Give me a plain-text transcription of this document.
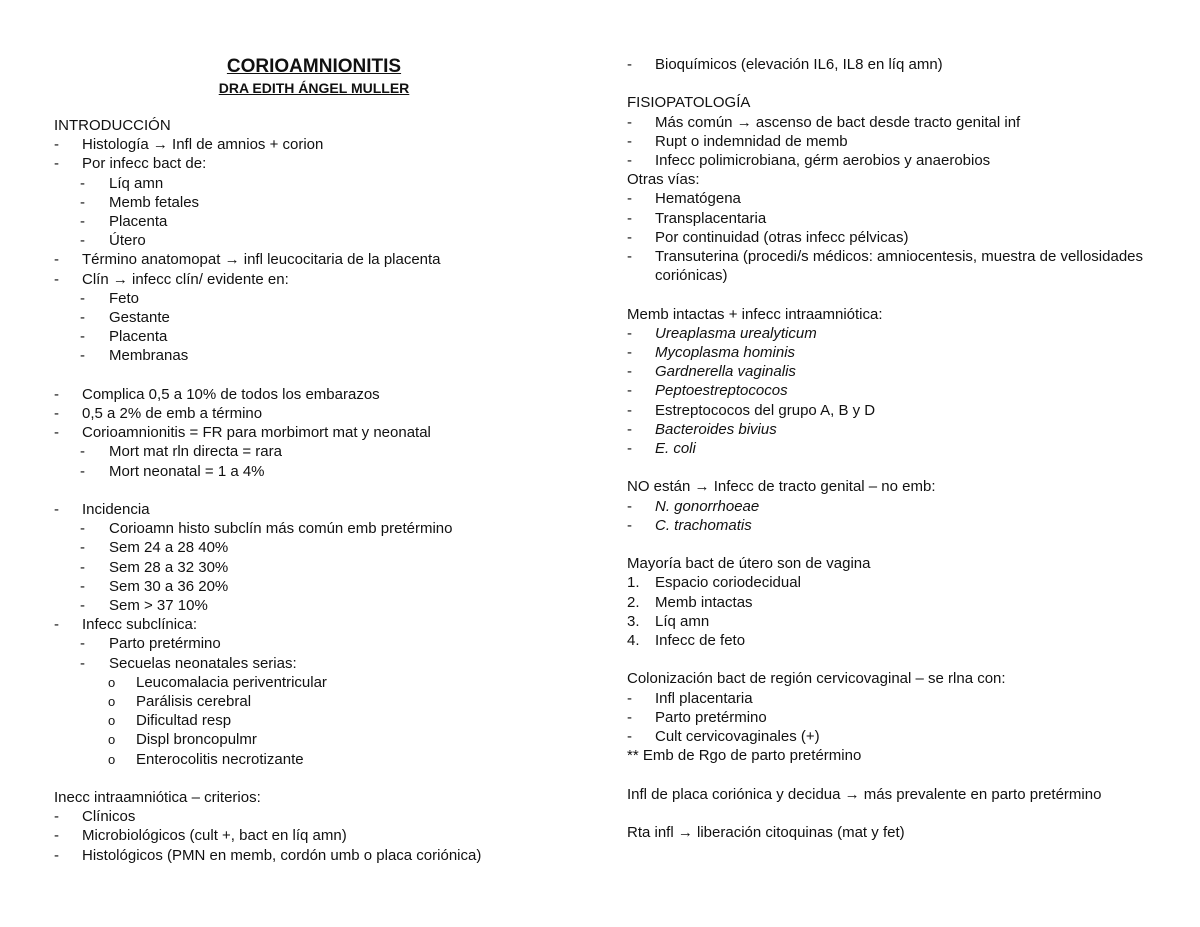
CORIOAMNIONITIS
DRA EDITH ÁNGEL MULLER
INTRODUCCIÓN
-	Histología → Infl de amnios + corion
-	Por infecc bact de:
-	Líq amn
-	Memb fetales
-	Placenta
-	Útero
-	Término anatomopat → infl leucocitaria de la placenta
-	Clín → infecc clín/ evidente en:
-	Feto
-	Gestante
-	Placenta
-	Membranas
-	Complica 0,5 a 10% de todos los embarazos
-	0,5 a 2% de emb a término
-	Corioamnionitis = FR para morbimort mat y neonatal
-	Mort mat rln directa = rara
-	Mort neonatal = 1 a 4%
-	Incidencia
-	Corioamn histo subclín más común emb pretérmino
-	Sem 24 a 28 40%
-	Sem 28 a 32 30%
-	Sem 30 a 36 20%
-	Sem > 37 10%
-	Infecc subclínica:
-	Parto pretérmino
-	Secuelas neonatales serias:
o	Leucomalacia periventricular
o	Parálisis cerebral
o	Dificultad resp
o	Displ broncopulmr
o	Enterocolitis necrotizante
Inecc intraamniótica – criterios:
-	Clínicos
-	Microbiológicos (cult +, bact en líq amn)
-	Histológicos (PMN en memb, cordón umb o placa coriónica)
-	Bioquímicos (elevación IL6, IL8 en líq amn)
FISIOPATOLOGÍA
-	Más común → ascenso de bact desde tracto genital inf
-	Rupt o indemnidad de memb
-	Infecc polimicrobiana, gérm aerobios y anaerobios
Otras vías:
-	Hematógena
-	Transplacentaria
-	Por continuidad (otras infecc pélvicas)
-	Transuterina (procedi/s médicos: amniocentesis, muestra de vellosidades coriónicas)
Memb intactas + infecc intraamniótica:
-	Ureaplasma urealyticum
-	Mycoplasma hominis
-	Gardnerella vaginalis
-	Peptoestreptococos
-	Estreptococos del grupo A, B y D
-	Bacteroides bivius
-	E. coli
NO están → Infecc de tracto genital – no emb:
-	N. gonorrhoeae
-	C. trachomatis
Mayoría bact de útero son de vagina
1.	Espacio coriodecidual
2.	Memb intactas
3.	Líq amn
4.	Infecc de feto
Colonización bact de región cervicovaginal – se rlna con:
-	Infl placentaria
-	Parto pretérmino
-	Cult cervicovaginales (+)
** Emb de Rgo de parto pretérmino
Infl de placa coriónica y decidua → más prevalente en parto pretérmino
Rta infl → liberación citoquinas (mat y fet)
